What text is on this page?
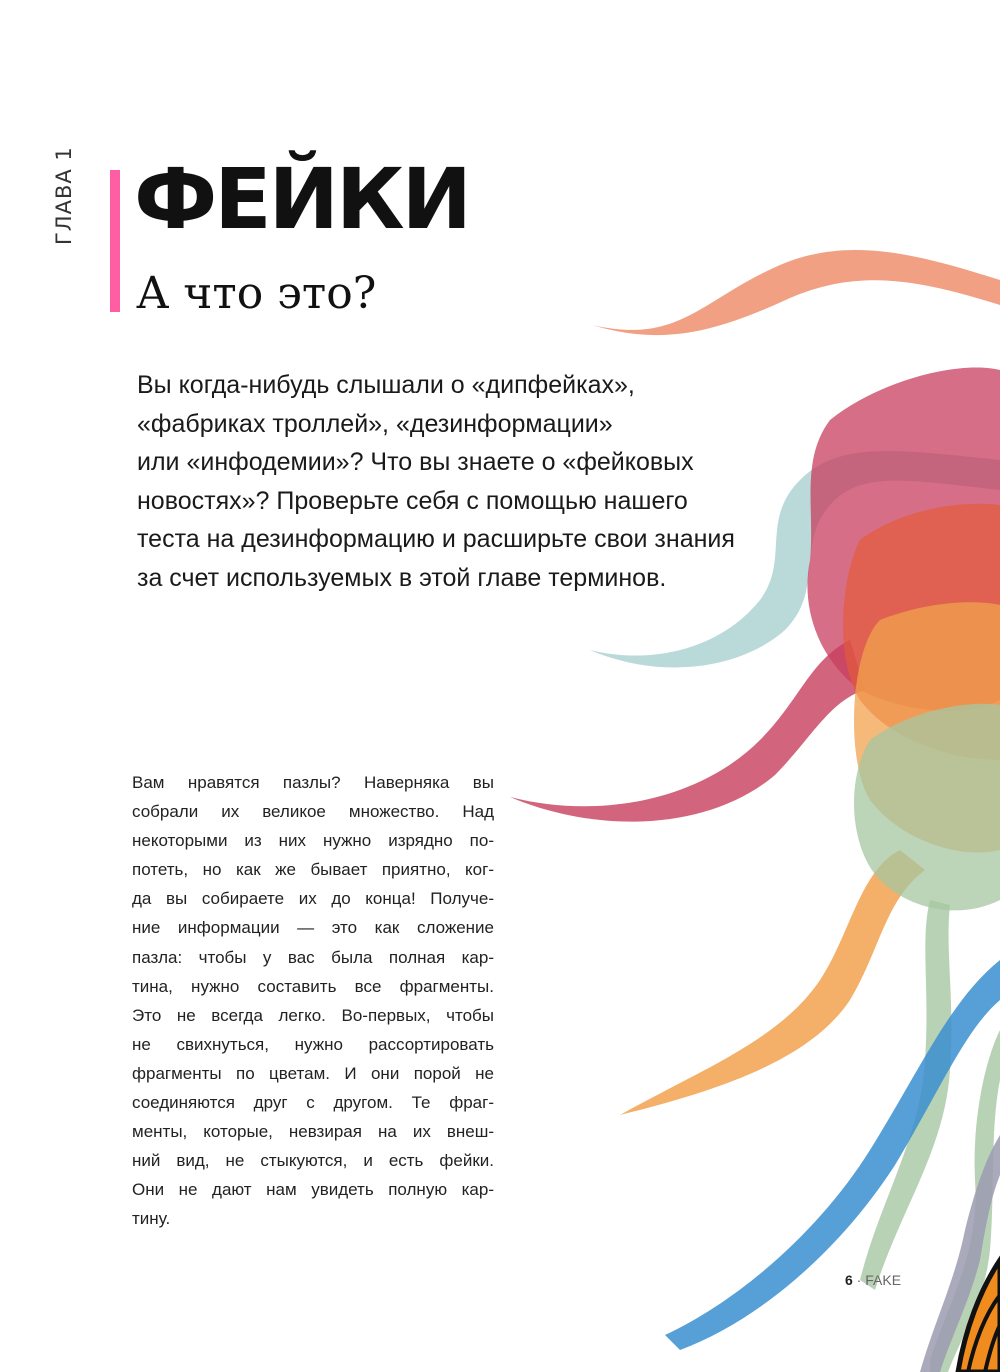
ГЛАВА 1 ФЕЙКИ
А что это?

Вы когда-нибудь слышали о «дипфейках»,
«фабриках троллей», «дезинформации»
или «инфодемии»? Что вы знаете о «фейковых
новостях»? Проверьте себя с помощью нашего
теста на дезинформацию и расширьте свои знания
за счет используемых в этой главе терминов.

Вам нравятся пазлы? Наверняка вы
собрали их великое множество. Над
некоторыми из них нужно изрядно по-
потеть, но как же бывает приятно, ког-
да вы собираете их до конца! Получе-
ние информации — это как сложение
пазла: чтобы у вас была полная кар-
тина, нужно составить все фрагменты.
Это не всегда легко. Во-первых, чтобы
не свихнуться, нужно рассортировать
фрагменты по цветам. И они порой не
соединяются друг с другом. Те фраг-
менты, которые, невзирая на их внеш-
ний вид, не стыкуются, и есть фейки.
Они не дают нам увидеть полную кар-
тину.

6 · FAKE
